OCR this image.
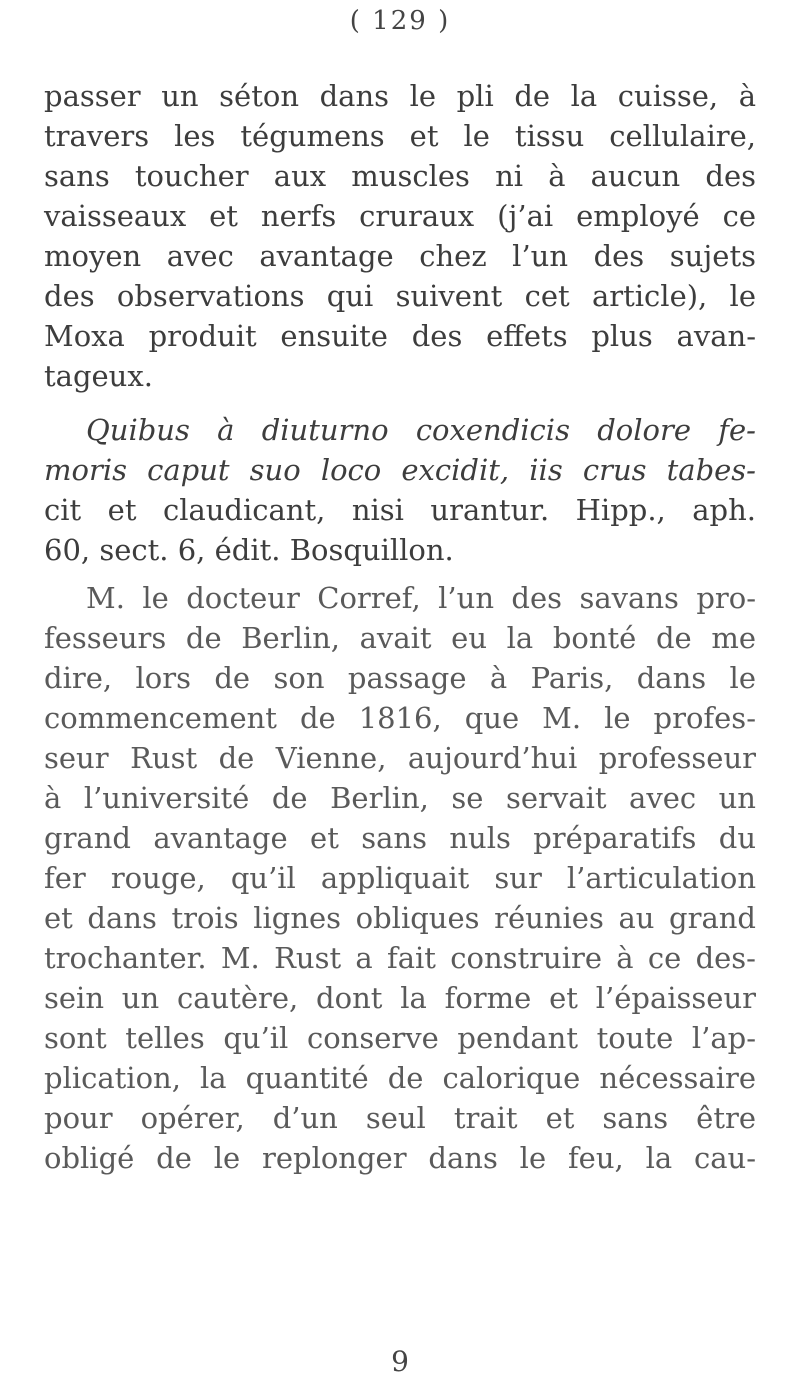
( 129 )
passer un séton dans le pli de la cuisse, à
travers les tégumens et le tissu cellulaire,
sans toucher aux muscles ni à aucun des
vaisseaux et nerfs cruraux (j’ai employé ce
moyen avec avantage chez l’un des sujets
des observations qui suivent cet article), le
Moxa produit ensuite des effets plus avan-
tageux.
Quibus à diuturno coxendicis dolore fe-
moris caput suo loco excidit, iis crus tabes-
cit et claudicant, nisi urantur. Hipp., aph.
60, sect. 6, édit. Bosquillon.
M. le docteur Corref, l’un des savans pro-
fesseurs de Berlin, avait eu la bonté de me
dire, lors de son passage à Paris, dans le
commencement de 1816, que M. le profes-
seur Rust de Vienne, aujourd’hui professeur
à l’université de Berlin, se servait avec un
grand avantage et sans nuls préparatifs du
fer rouge, qu’il appliquait sur l’articulation
et dans trois lignes obliques réunies au grand
trochanter. M. Rust a fait construire à ce des-
sein un cautère, dont la forme et l’épaisseur
sont telles qu’il conserve pendant toute l’ap-
plication, la quantité de calorique nécessaire
pour opérer, d’un seul trait et sans être
obligé de le replonger dans le feu, la cau-
9
